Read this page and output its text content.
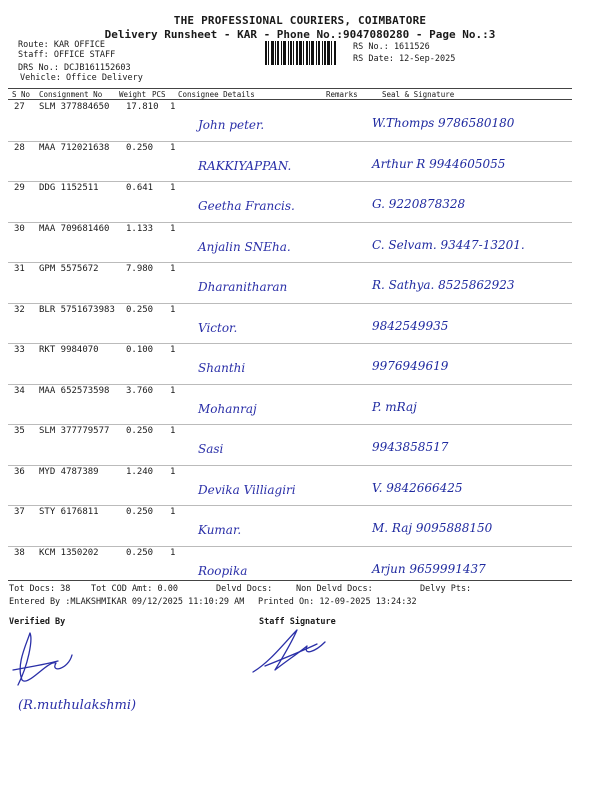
THE PROFESSIONAL COURIERS, COIMBATORE
Delivery Runsheet - KAR - Phone No.:9047080280 - Page No.:3
Route: KAR OFFICE
Staff: OFFICE STAFF
DRS No.: DCJB161152603
Vehicle: Office Delivery
RS No.: 1611526
RS Date: 12-Sep-2025
S No Consignment No Weight PCS Consignee Details	Remarks	Seal & Signature
27 SLM 377884650 17.810 1
John peter.	W.Thomps 9786580180
28 MAA 712021638 0.250 1
RAKKIYAPPAN.	Arthur R 9944605055
29 DDG 1152511	0.641 1
Geetha Francis.	G. 9220878328
30 MAA 709681460 1.133 1
Anjalin SNEha.	C. Selvam. 93447-13201.
31 GPM 5575672	7.980 1
Dharanitharan	R. Sathya. 8525862923
32 BLR 5751673983 0.250 1
Victor.	9842549935
33 RKT 9984070	0.100 1
Shanthi	9976949619
34 MAA 652573598 3.760 1
Mohanraj	P. mRaj
35 SLM 377779577 0.250 1
Sasi	9943858517
36 MYD 4787389	1.240 1
Devika Villiagiri	V. 9842666425
37 STY 6176811	0.250 1
Kumar.	M. Raj 9095888150
38 KCM 1350202	0.250 1
Roopika	Arjun 9659991437
Tot Docs: 38 Tot COD Amt: 0.00	Delvd Docs:	Non Delvd Docs:	Delvy Pts:
Entered By :MLAKSHMIKAR 09/12/2025 11:10:29 AM Printed On: 12-09-2025 13:24:32
Verified By	Staff Signature
(R.muthulakshmi)
